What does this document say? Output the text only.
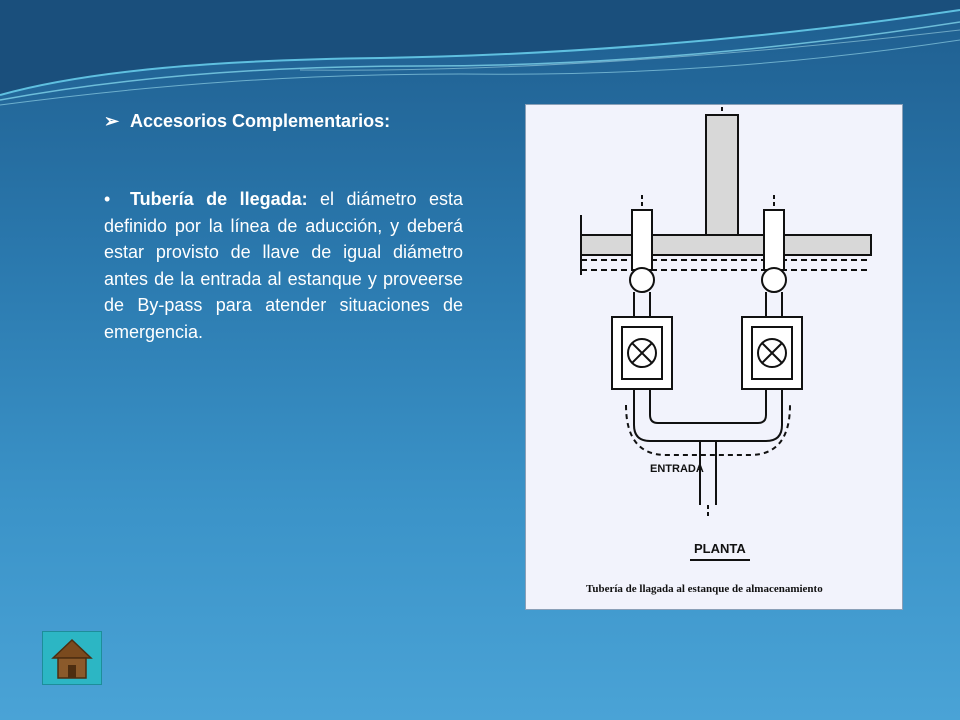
➢ Accesorios Complementarios:
• Tubería de llegada: el diámetro esta definido por la línea de aducción, y deberá estar provisto de llave de igual diámetro antes de la entrada al estanque y proveerse de By-pass para atender situaciones de emergencia.
ENTRADA
PLANTA
Tubería de llagada al estanque de almacenamiento
